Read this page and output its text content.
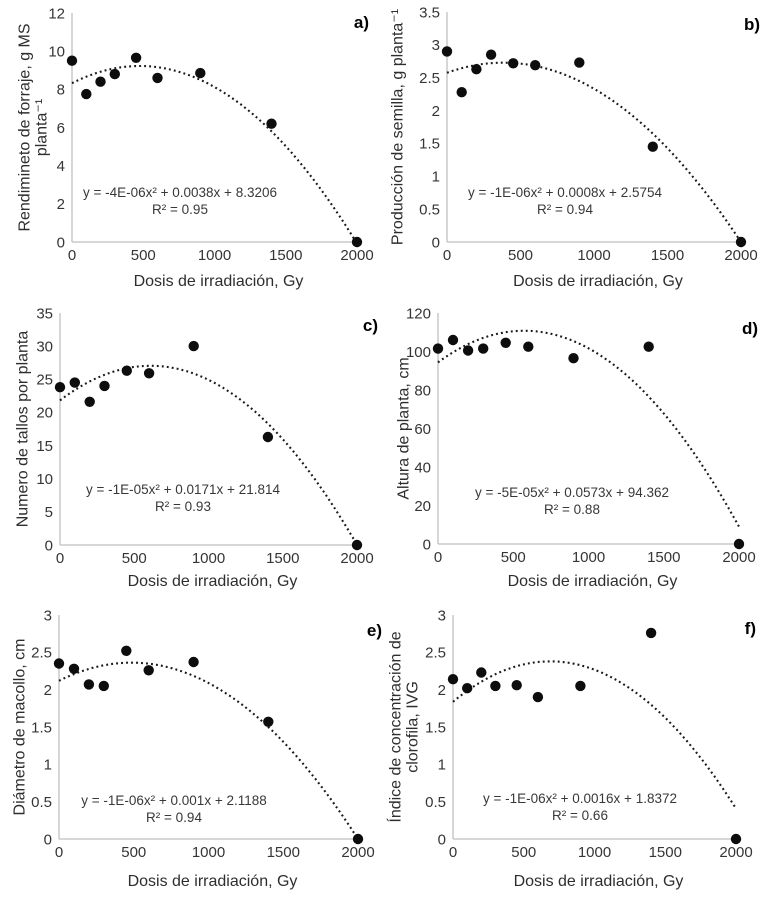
0
2
4
6
8
10
12
0	500	1000	1500	2000
Dosis de irradiación, Gy
Rendimineto de forraje, g MS planta⁻¹
y = -4E-06x² + 0.0038x + 8.3206
R² = 0.95
a)
0
0.5
1
1.5
2
2.5
3
3.5
0	500	1000	1500	2000
Dosis de irradiación, Gy
Producción de semilla, g planta⁻¹	y = -1E-06x² + 0.0008x + 2.5754
R² = 0.94
b)
0
5
10
15
20
25
30
35
0	500	1000	1500	2000
Dosis de irradiación, Gy
Numero de tallos por planta	y = -1E-05x² + 0.0171x + 21.814
R² = 0.93
c)
0
20
40
60
80
100
120
0	500	1000	1500	2000
Dosis de irradiación, Gy
Altura de planta, cm	y = -5E-05x² + 0.0573x + 94.362
R² = 0.88
d)
0
0.5
1
1.5
2
2.5
3
0	500	1000	1500	2000
Dosis de irradiación, Gy
Diámetro de macollo, cm	y = -1E-06x² + 0.001x + 2.1188
R² = 0.94
e)
0
0.5
1
1.5
2
2.5
3
0	500	1000 1500 2000
Dosis de irradiación, Gy
Índice de concentración de clorofila, IVG
y = -1E-06x² + 0.0016x + 1.8372
R² = 0.66
f)
